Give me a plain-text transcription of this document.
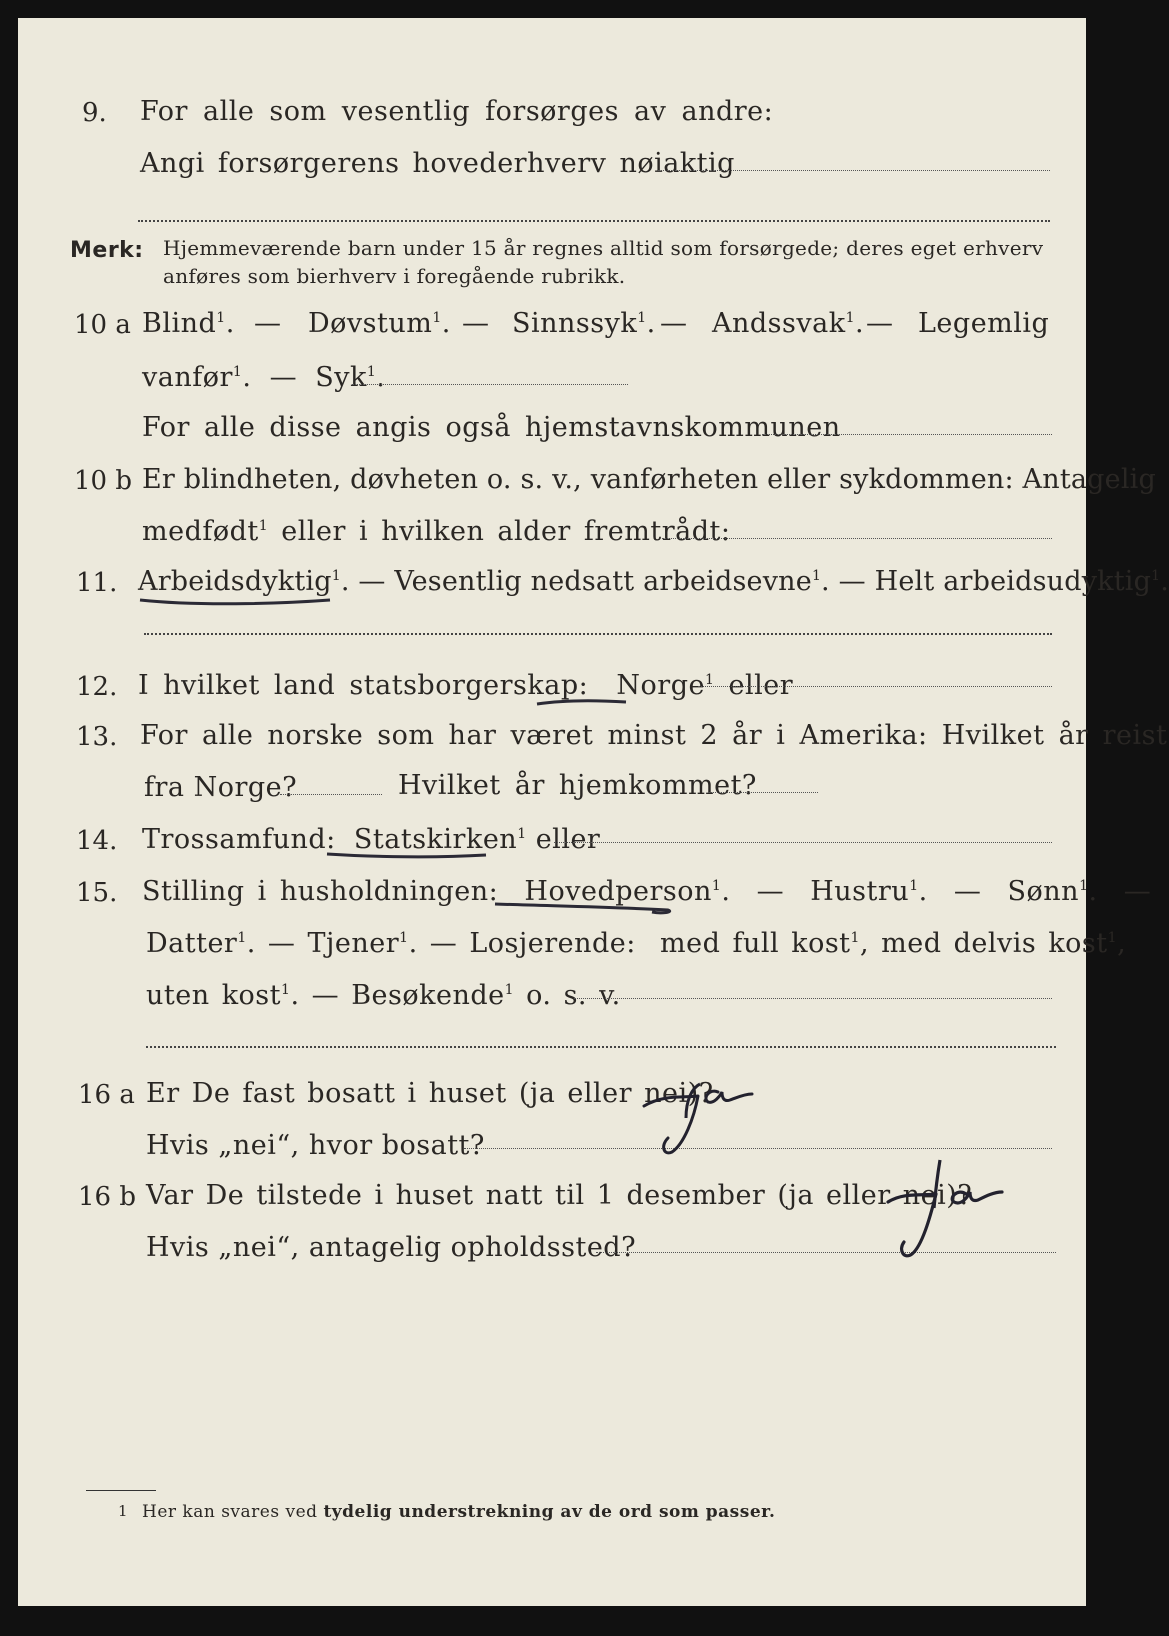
9. For alle som vesentlig forsørges av andre:
Angi forsørgerens hovederhverv nøiaktig
Merk: Hjemmeværende barn under 15 år regnes alltid som forsørgede; deres eget erhverv
anføres som bierhverv i foregående rubrikk.
10 a Blind$^1$. — Døvstum$^1$. — Sinnssyk$^1$. — Andssvak$^1$. — Legemlig
vanfør$^1$.  —  Syk$^1$.
For alle disse angis også hjemstavnskommunen
10 b Er blindheten, døvheten o. s. v., vanførheten eller sykdommen: Antagelig
medfødt$^1$ eller i hvilken alder fremtrådt:
11. Arbeidsdyktig$^1$. — Vesentlig nedsatt arbeidsevne$^1$. — Helt arbeidsudyktig$^1$.
12. I hvilket land statsborgerskap: Norge$^1$ eller
13. For alle norske som har været minst 2 år i Amerika: Hvilket år reist
fra Norge?	Hvilket år hjemkommet?
14. Trossamfund: Statskirken$^1$ eller
15. Stilling i husholdningen: Hovedperson$^1$.  —  Hustru$^1$.  —  Sønn$^1$.  —
Datter$^1$. — Tjener$^1$. — Losjerende: med full kost$^1$, med delvis kost$^1$,
uten kost$^1$. — Besøkende$^1$ o. s. v.
16 a Er De fast bosatt i huset (ja eller nei)?
Hvis „nei“, hvor bosatt?
16 b Var De tilstede i huset natt til 1 desember (ja eller nei)?
Hvis „nei“, antagelig opholdssted?
1 Her kan svares ved tydelig understrekning av de ord som passer.
